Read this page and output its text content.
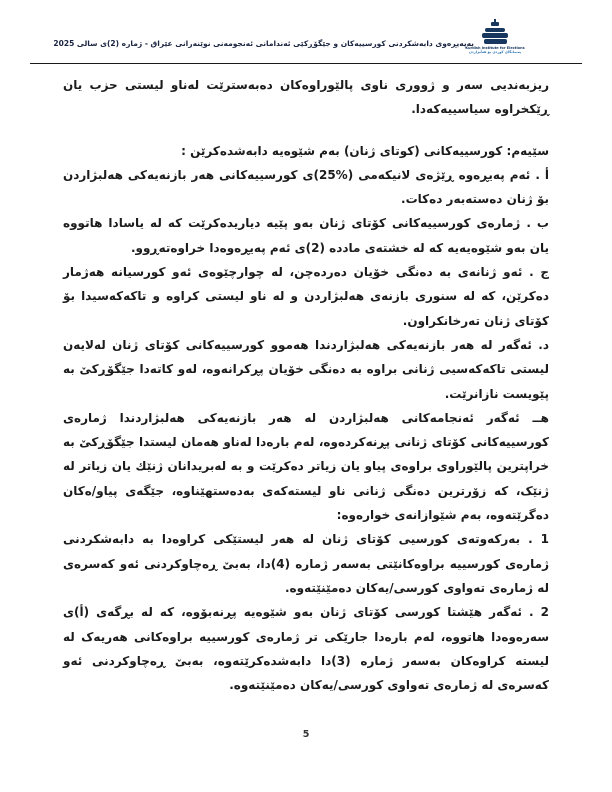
Kurdish Institute for Elections
پەیمانگای کوردی بۆ هەڵبژاردن
بەپەیڕەوی دابەشکردنی کورسییەکان و جێگۆڕکێی ئەندامانی ئەنجومەنی نوێنەرانی عێراق - ژمارە (2)ی سالی 2025

ریزبەندیی سەر و ژووری ناوی پالێوراوەکان دەبەسترێت لەناو لیستی حزب یان ڕێکخراوە سیاسییەکەدا.

سێیەم: کورسییەکانی (کوتای ژنان) بەم شێوەیە دابەشدەکرێن :

أ . ئەم پەیڕەوە ڕێژەی لانیکەمی (%25)ی کورسییەکانی هەر بازنەیەکی هەلبژاردن بۆ ژنان دەستەبەر دەکات.

ب . ژمارەی کورسییەکانی کۆتای ژنان بەو پێیە دیاریدەکرێت کە لە یاسادا هاتووە یان بەو شێوەیەیە کە لە خشتەی ماددە (2)ی ئەم پەیڕەوەدا خراوەتەڕوو.

ج . ئەو ژنانەی بە دەنگی خۆیان دەردەچن، لە چوارچێوەی ئەو کورسیانە هەژمار دەکرێن، کە لە سنوری بازنەی هەلبژاردن و لە ناو لیستی کراوە و تاکەکەسیدا بۆ کۆتای ژنان تەرخانکراون.

د. ئەگەر لە هەر بازنەیەکی هەلبژاردندا هەموو کورسییەکانی کۆتای ژنان لەلایەن لیستی تاکەکەسیی ژنانی براوە بە دەنگی خۆیان پڕکرانەوە، لەو کاتەدا جێگۆڕکێ بە پێویست نازانرێت.

هــ ئەگەر ئەنجامەکانی هەلبژاردن لە هەر بازنەیەکی هەلبژاردندا ژمارەی کورسییەکانی کۆتای ژنانی پڕنەکردەوە، لەم بارەدا لەناو هەمان لیستدا جێگۆڕکێ بە خراپترین پالێوراوی براوەی پیاو یان زیاتر دەکرێت و بە لەبریدانان ژنێك یان زیاتر لە ژنێک، کە زۆرترین دەنگی ژنانی ناو لیستەکەی بەدەستهێناوە، جێگەی پیاو/ەکان دەگرێتەوە، بەم شێوازانەی خوارەوە:

1 . بەرکەوتەی کورسیی کۆتای ژنان لە هەر لیستێکی کراوەدا بە دابەشکردنی ژمارەی کورسییە براوەکانێتی بەسەر ژمارە (4)دا، بەبێ ڕەچاوکردنی ئەو کەسرەی لە ژمارەی تەواوی کورسی/یەکان دەمێنێتەوە.

2 . ئەگەر هێشتا کورسی کۆتای ژنان بەو شێوەیە پڕنەبۆوە، کە لە بڕگەی (أ)ی سەرەوەدا هاتووە، لەم بارەدا جارێکی تر ژمارەی کورسییە براوەکانی هەریەک لە لیستە کراوەکان بەسەر ژمارە (3)دا دابەشدەکرێتەوە، بەبێ ڕەچاوکردنی ئەو کەسرەی لە ژمارەی تەواوی کورسی/یەکان دەمێنێتەوە.

5
